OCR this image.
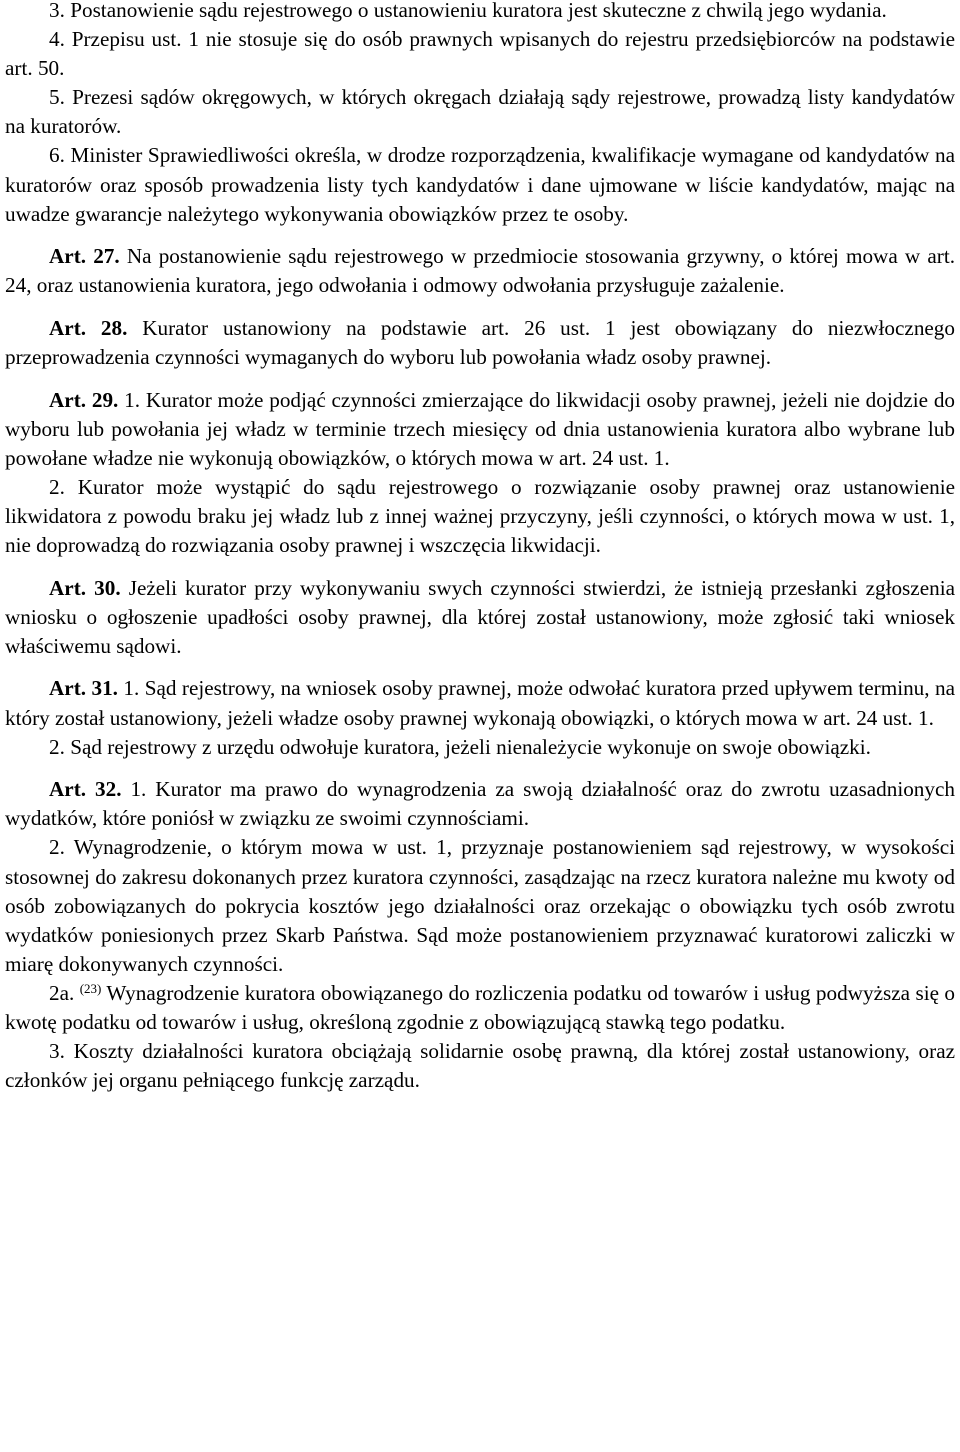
3. Postanowienie sądu rejestrowego o ustanowieniu kuratora jest skuteczne z chwilą jego wydania.

4. Przepisu ust. 1 nie stosuje się do osób prawnych wpisanych do rejestru przedsiębiorców na podstawie art. 50.

5. Prezesi sądów okręgowych, w których okręgach działają sądy rejestrowe, prowadzą listy kandydatów na kuratorów.

6. Minister Sprawiedliwości określa, w drodze rozporządzenia, kwalifikacje wymagane od kandydatów na kuratorów oraz sposób prowadzenia listy tych kandydatów i dane ujmowane w liście kandydatów, mając na uwadze gwarancje należytego wykonywania obowiązków przez te osoby.

Art. 27. Na postanowienie sądu rejestrowego w przedmiocie stosowania grzywny, o której mowa w art. 24, oraz ustanowienia kuratora, jego odwołania i odmowy odwołania przysługuje zażalenie.

Art. 28. Kurator ustanowiony na podstawie art. 26 ust. 1 jest obowiązany do niezwłocznego przeprowadzenia czynności wymaganych do wyboru lub powołania władz osoby prawnej.

Art. 29. 1. Kurator może podjąć czynności zmierzające do likwidacji osoby prawnej, jeżeli nie dojdzie do wyboru lub powołania jej władz w terminie trzech miesięcy od dnia ustanowienia kuratora albo wybrane lub powołane władze nie wykonują obowiązków, o których mowa w art. 24 ust. 1.

2. Kurator może wystąpić do sądu rejestrowego o rozwiązanie osoby prawnej oraz ustanowienie likwidatora z powodu braku jej władz lub z innej ważnej przyczyny, jeśli czynności, o których mowa w ust. 1, nie doprowadzą do rozwiązania osoby prawnej i wszczęcia likwidacji.

Art. 30. Jeżeli kurator przy wykonywaniu swych czynności stwierdzi, że istnieją przesłanki zgłoszenia wniosku o ogłoszenie upadłości osoby prawnej, dla której został ustanowiony, może zgłosić taki wniosek właściwemu sądowi.

Art. 31. 1. Sąd rejestrowy, na wniosek osoby prawnej, może odwołać kuratora przed upływem terminu, na który został ustanowiony, jeżeli władze osoby prawnej wykonają obowiązki, o których mowa w art. 24 ust. 1.

2. Sąd rejestrowy z urzędu odwołuje kuratora, jeżeli nienależycie wykonuje on swoje obowiązki.

Art. 32. 1. Kurator ma prawo do wynagrodzenia za swoją działalność oraz do zwrotu uzasadnionych wydatków, które poniósł w związku ze swoimi czynnościami.

2. Wynagrodzenie, o którym mowa w ust. 1, przyznaje postanowieniem sąd rejestrowy, w wysokości stosownej do zakresu dokonanych przez kuratora czynności, zasądzając na rzecz kuratora należne mu kwoty od osób zobowiązanych do pokrycia kosztów jego działalności oraz orzekając o obowiązku tych osób zwrotu wydatków poniesionych przez Skarb Państwa. Sąd może postanowieniem przyznawać kuratorowi zaliczki w miarę dokonywanych czynności.

2a. $^{(23)}$ Wynagrodzenie kuratora obowiązanego do rozliczenia podatku od towarów i usług podwyższa się o kwotę podatku od towarów i usług, określoną zgodnie z obowiązującą stawką tego podatku.

3. Koszty działalności kuratora obciążają solidarnie osobę prawną, dla której został ustanowiony, oraz członków jej organu pełniącego funkcję zarządu.
